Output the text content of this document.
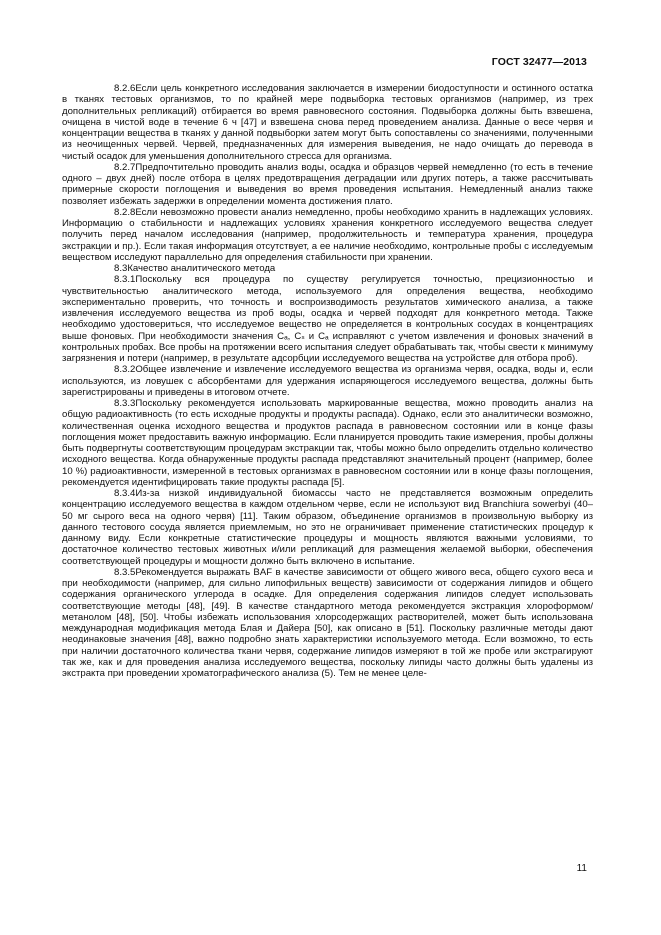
ГОСТ 32477—2013

8.2.6Если цель конкретного исследования заключается в измерении биодоступности и остинного остатка в тканях тестовых организмов, то по крайней мере подвыборка тестовых организмов (например, из трех дополнительных репликаций) отбирается во время равновесного состояния. Подвыборка должны быть взвешена, очищена в чистой воде в течение 6 ч [47] и взвешена снова перед проведением анализа. Данные о весе червя и концентрации вещества в тканях у данной подвыборки затем могут быть сопоставлены со значениями, полученными из неочищенных червей. Червей, предназначенных для измерения выведения, не надо очищать до перевода в чистый осадок для уменьшения дополнительного стресса для организма.

8.2.7Предпочтительно проводить анализ воды, осадка и образцов червей немедленно (то есть в течение одного – двух дней) после отбора в целях предотвращения деградации или других потерь, а также рассчитывать примерные скорости поглощения и выведения во время проведения испытания. Немедленный анализ также позволяет избежать задержки в определении момента достижения плато.

8.2.8Если невозможно провести анализ немедленно, пробы необходимо хранить в надлежащих условиях. Информацию о стабильности и надлежащих условиях хранения конкретного исследуемого вещества следует получить перед началом исследования (например, продолжительность и температура хранения, процедура экстракции и пр.). Если такая информация отсутствует, а ее наличие необходимо, контрольные пробы с исследуемым веществом исследуют параллельно для определения стабильности при хранении.

8.3Качество аналитического метода

8.3.1Поскольку вся процедура по существу регулируется точностью, прецизионностью и чувствительностью аналитического метода, используемого для определения вещества, необходимо экспериментально проверить, что точность и воспроизводимость результатов химического анализа, а также извлечения исследуемого вещества из проб воды, осадка и червей подходят для конкретного метода. Также необходимо удостовериться, что исследуемое вещество не определяется в контрольных сосудах в концентрациях выше фоновых. При необходимости значения Cₐ, Cₛ и Cₐ исправляют с учетом извлечения и фоновых значений в контрольных пробах. Все пробы на протяжении всего испытания следует обрабатывать так, чтобы свести к минимуму загрязнения и потери (например, в результате адсорбции исследуемого вещества на устройстве для отбора проб).

8.3.2Общее извлечение и извлечение исследуемого вещества из организма червя, осадка, воды и, если используются, из ловушек с абсорбентами для удержания испаряющегося исследуемого вещества, должны быть зарегистрированы и приведены в итоговом отчете.

8.3.3Поскольку рекомендуется использовать маркированные вещества, можно проводить анализ на общую радиоактивность (то есть исходные продукты и продукты распада). Однако, если это аналитически возможно, количественная оценка исходного вещества и продуктов распада в равновесном состоянии или в конце фазы поглощения может предоставить важную информацию. Если планируется проводить такие измерения, пробы должны быть подвергнуты соответствующим процедурам экстракции так, чтобы можно было определить отдельно количество исходного вещества. Когда обнаруженные продукты распада представляют значительный процент (например, более 10 %) радиоактивности, измеренной в тестовых организмах в равновесном состоянии или в конце фазы поглощения, рекомендуется идентифицировать такие продукты распада [5].

8.3.4Из-за низкой индивидуальной биомассы часто не представляется возможным определить концентрацию исследуемого вещества в каждом отдельном черве, если не используют вид Branchiura sowerbyi (40–50 мг сырого веса на одного червя) [11]. Таким образом, объединение организмов в произвольную выборку из данного тестового сосуда является приемлемым, но это не ограничивает применение статистических процедур к данному виду. Если конкретные статистические процедуры и мощность являются важными условиями, то достаточное количество тестовых животных и/или репликаций для размещения желаемой выборки, обеспечения соответствующей процедуры и мощности должно быть включено в испытание.

8.3.5Рекомендуется выражать BAF в качестве зависимости от общего живого веса, общего сухого веса и при необходимости (например, для сильно липофильных веществ) зависимости от содержания липидов и общего содержания органического углерода в осадке. Для определения содержания липидов следует использовать соответствующие методы [48], [49]. В качестве стандартного метода рекомендуется экстракция хлороформом/метанолом [48], [50]. Чтобы избежать использования хлорсодержащих растворителей, может быть использована международная модификация метода Блая и Дайера [50], как описано в [51]. Поскольку различные методы дают неодинаковые значения [48], важно подробно знать характеристики используемого метода. Если возможно, то есть при наличии достаточного количества ткани червя, содержание липидов измеряют в той же пробе или экстрагируют так же, как и для проведения анализа исследуемого вещества, поскольку липиды часто должны быть удалены из экстракта при проведении хроматографического анализа (5). Тем не менее целе-

11
